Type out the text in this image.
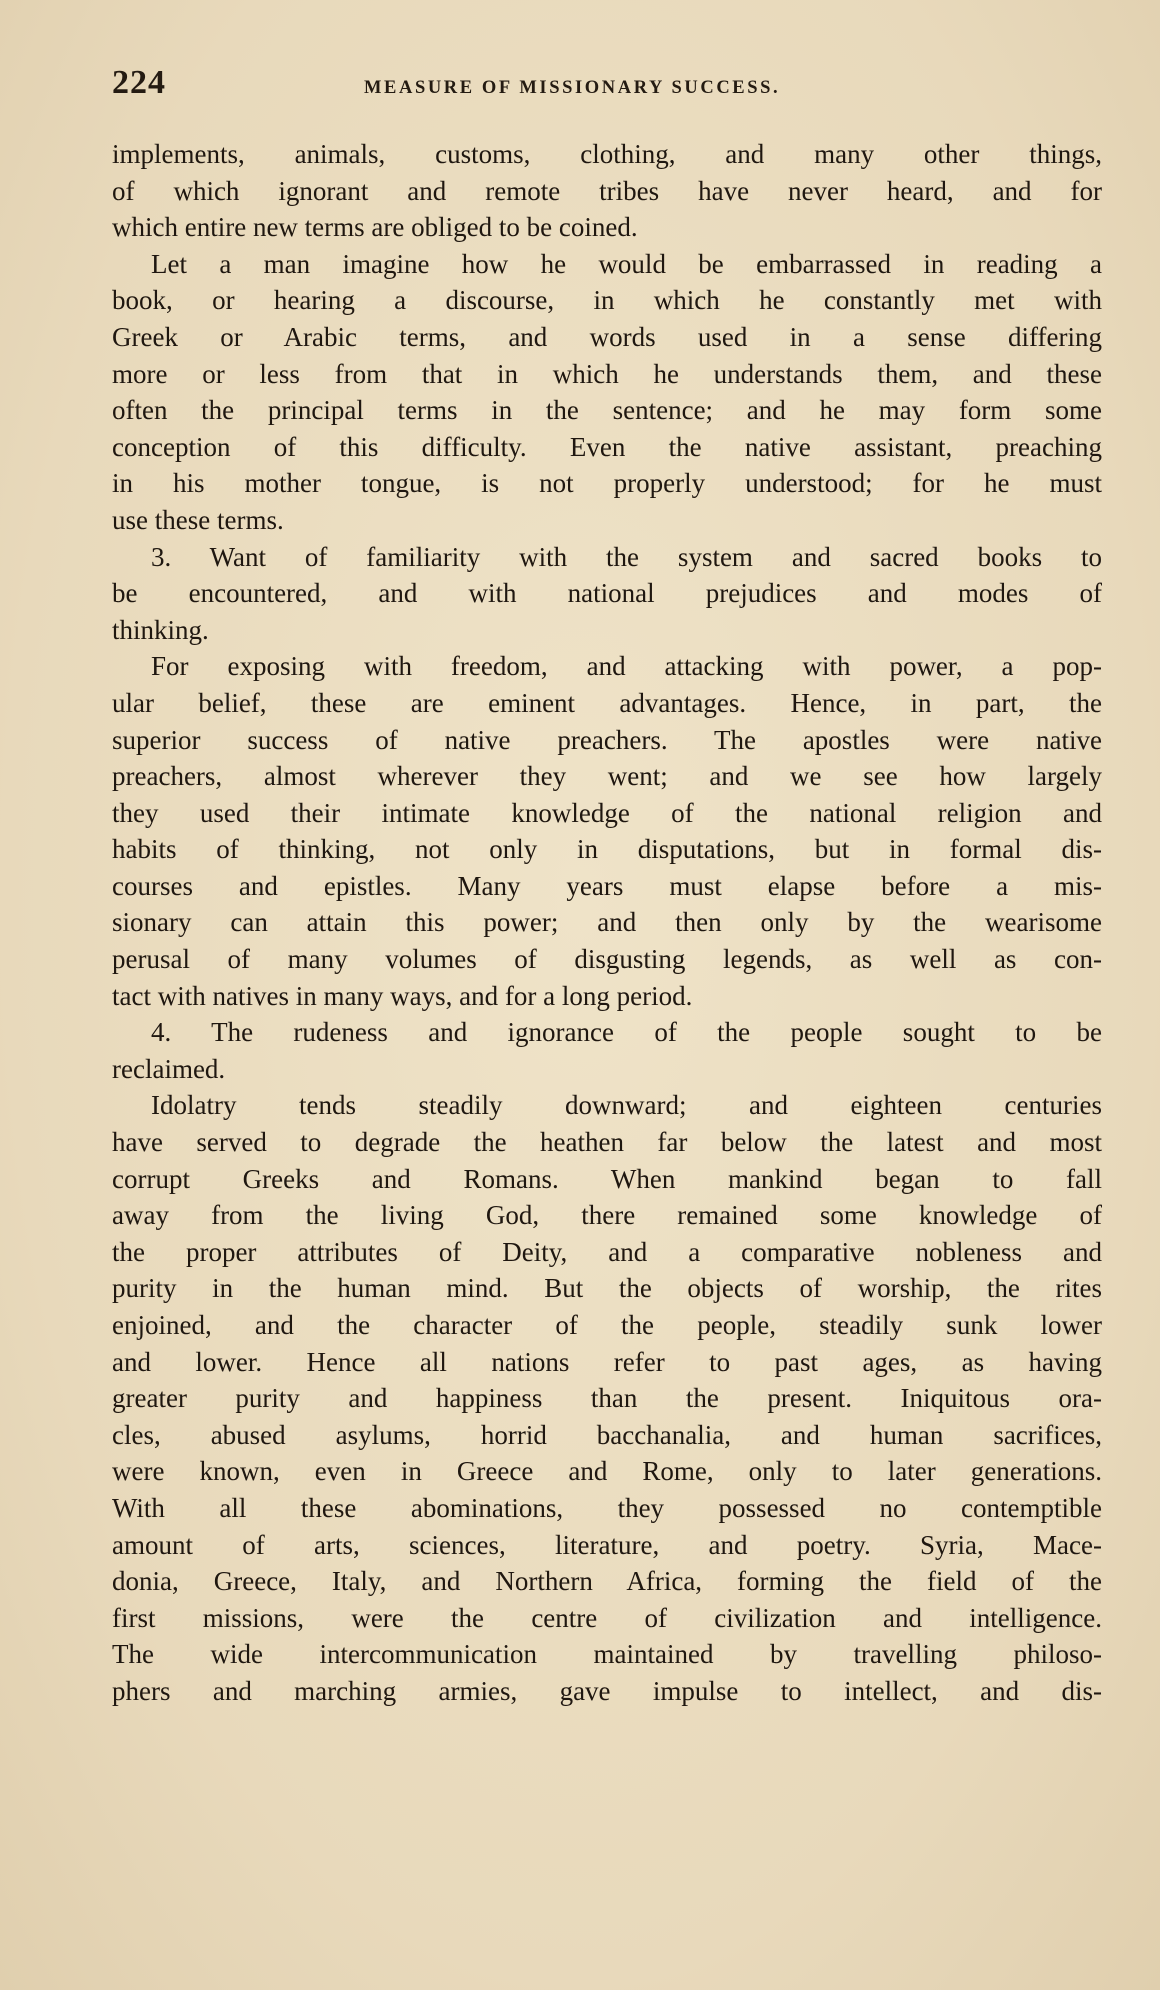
224	MEASURE OF MISSIONARY SUCCESS.
implements, animals, customs, clothing, and many other things,
of which ignorant and remote tribes have never heard, and for
which entire new terms are obliged to be coined.
Let a man imagine how he would be embarrassed in reading a
book, or hearing a discourse, in which he constantly met with
Greek or Arabic terms, and words used in a sense differing
more or less from that in which he understands them, and these
often the principal terms in the sentence; and he may form some
conception of this difficulty. Even the native assistant, preaching
in his mother tongue, is not properly understood; for he must
use these terms.
3. Want of familiarity with the system and sacred books to
be encountered, and with national prejudices and modes of
thinking.
For exposing with freedom, and attacking with power, a pop-
ular belief, these are eminent advantages. Hence, in part, the
superior success of native preachers. The apostles were native
preachers, almost wherever they went; and we see how largely
they used their intimate knowledge of the national religion and
habits of thinking, not only in disputations, but in formal dis-
courses and epistles. Many years must elapse before a mis-
sionary can attain this power; and then only by the wearisome
perusal of many volumes of disgusting legends, as well as con-
tact with natives in many ways, and for a long period.
4. The rudeness and ignorance of the people sought to be
reclaimed.
Idolatry tends steadily downward; and eighteen centuries
have served to degrade the heathen far below the latest and most
corrupt Greeks and Romans. When mankind began to fall
away from the living God, there remained some knowledge of
the proper attributes of Deity, and a comparative nobleness and
purity in the human mind. But the objects of worship, the rites
enjoined, and the character of the people, steadily sunk lower
and lower. Hence all nations refer to past ages, as having
greater purity and happiness than the present. Iniquitous ora-
cles, abused asylums, horrid bacchanalia, and human sacrifices,
were known, even in Greece and Rome, only to later generations.
With all these abominations, they possessed no contemptible
amount of arts, sciences, literature, and poetry. Syria, Mace-
donia, Greece, Italy, and Northern Africa, forming the field of the
first missions, were the centre of civilization and intelligence.
The wide intercommunication maintained by travelling philoso-
phers and marching armies, gave impulse to intellect, and dis-
